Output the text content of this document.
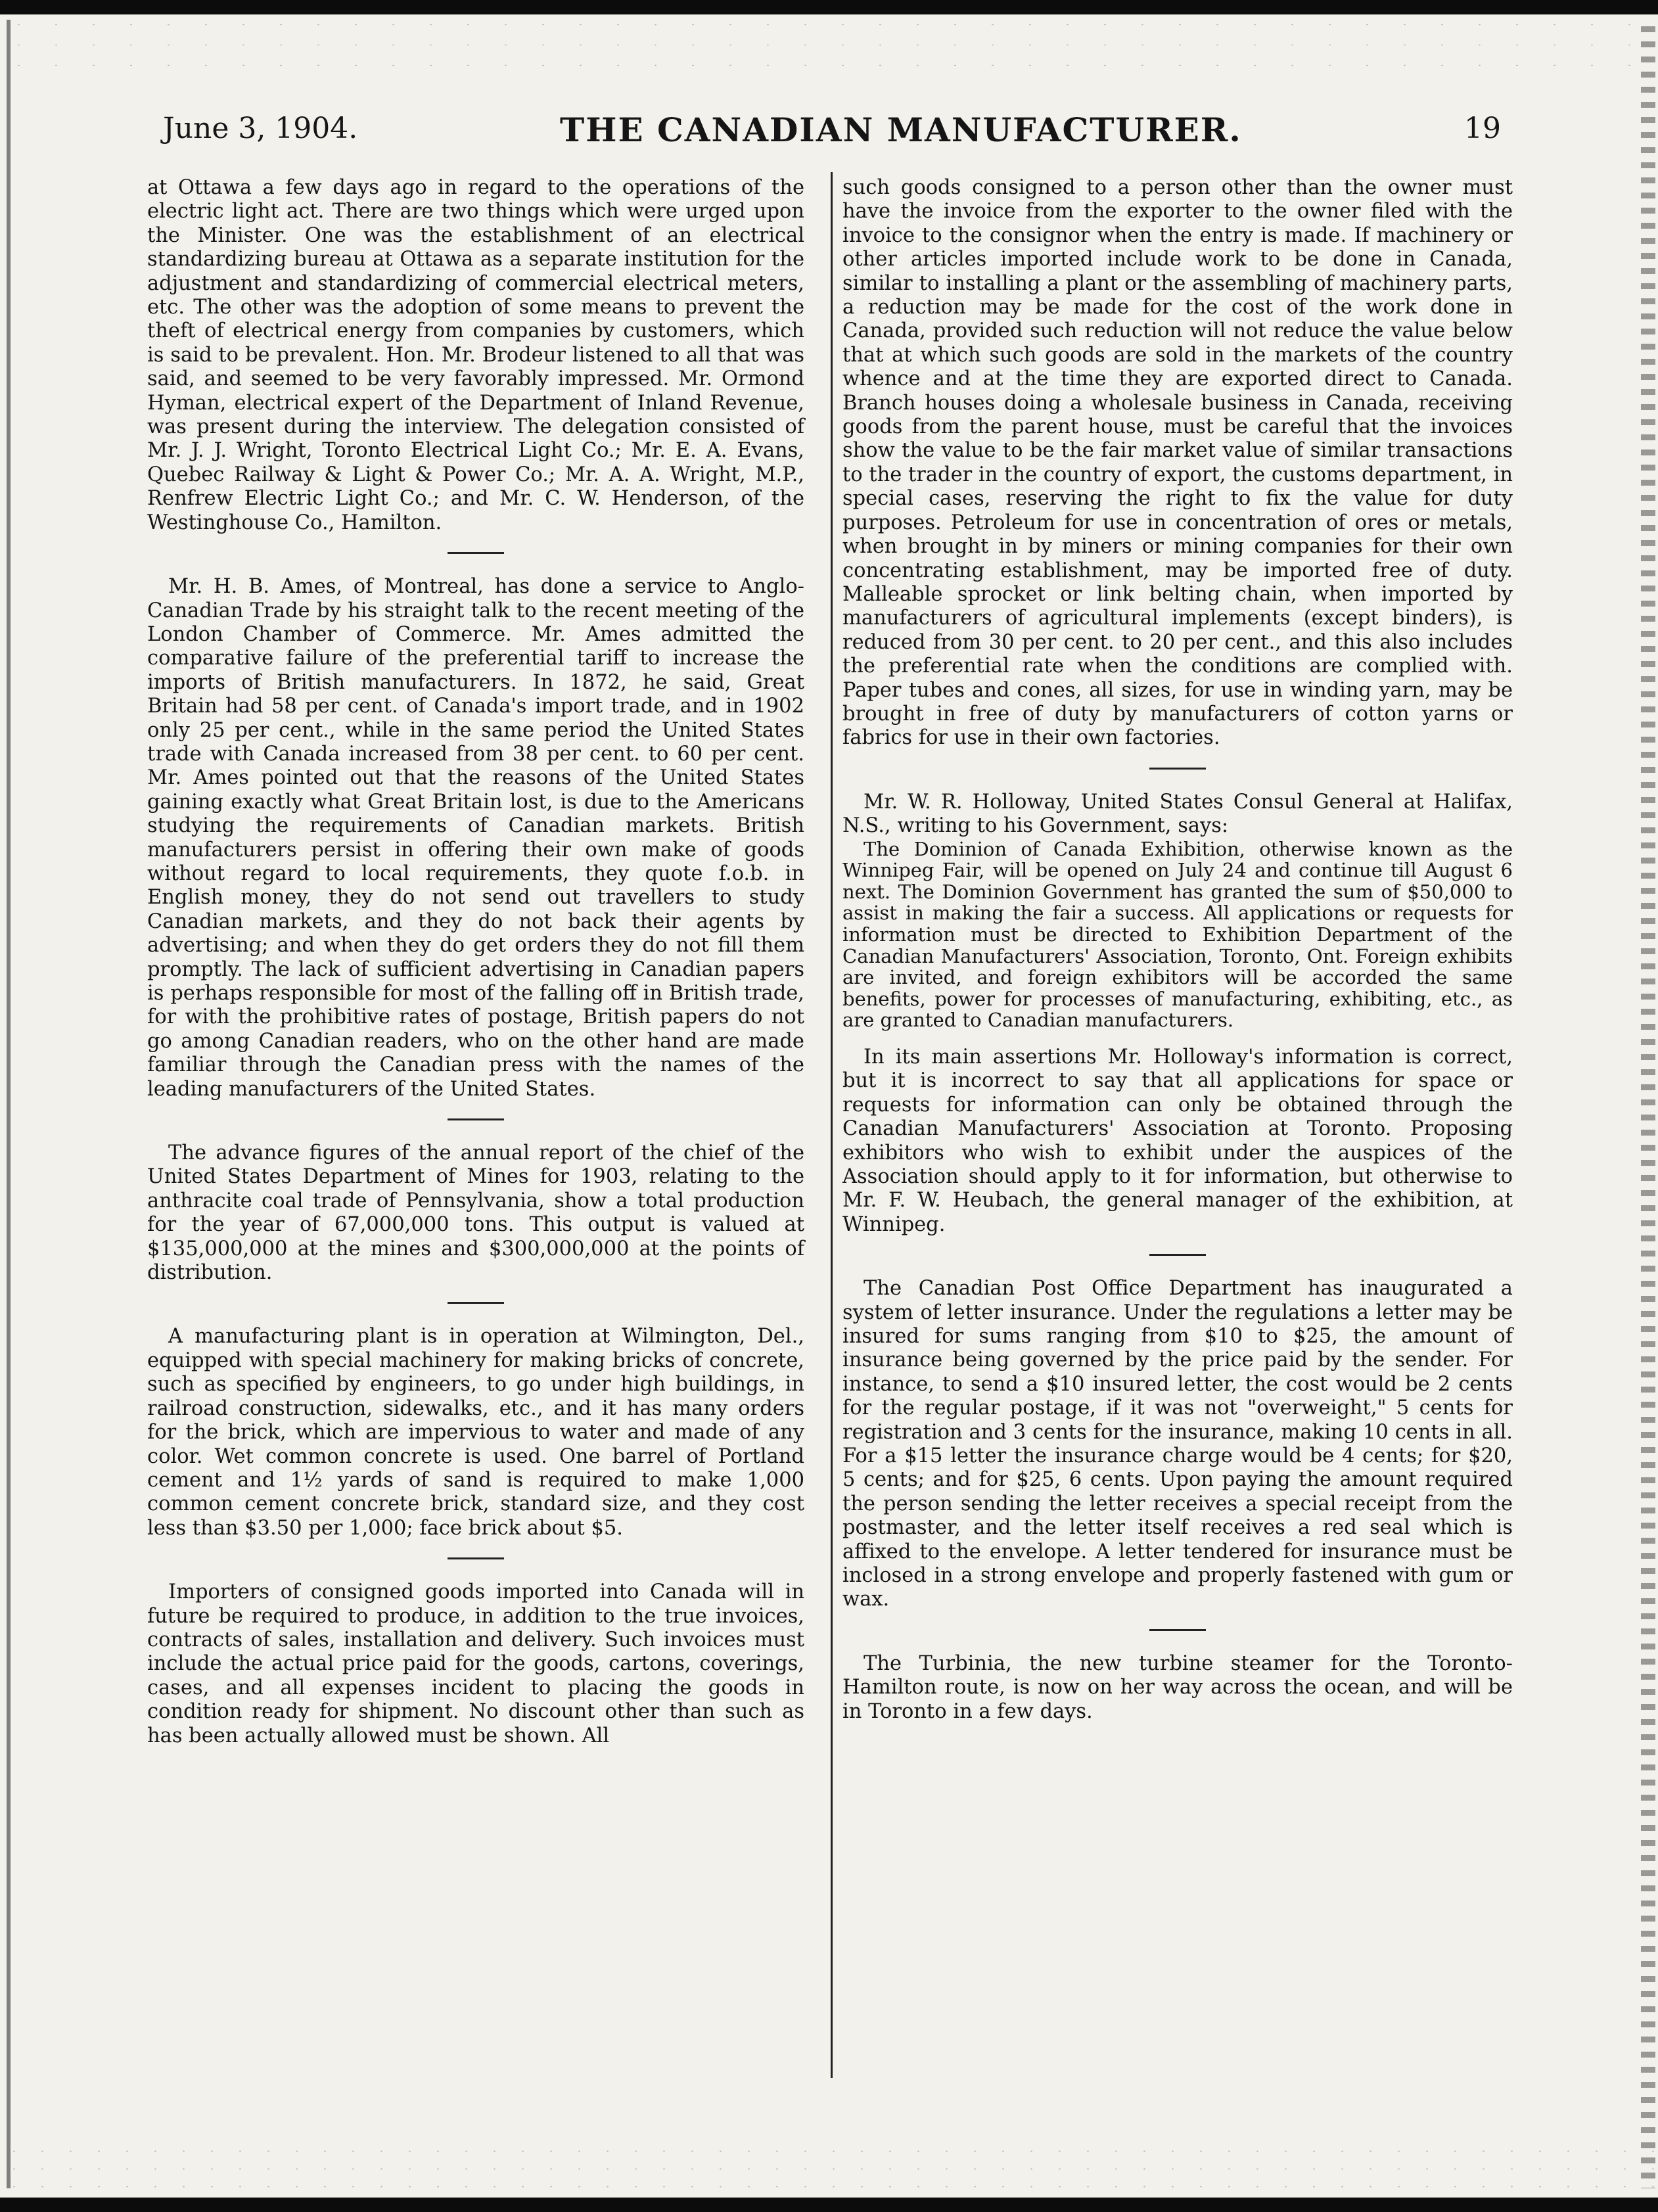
June 3, 1904.	THE CANADIAN MANUFACTURER.	19

at Ottawa a few days ago in regard to the operations of the electric light act. There are two things which were urged upon the Minister. One was the establishment of an electrical standardizing bureau at Ottawa as a separate institution for the adjustment and standardizing of commercial electrical meters, etc. The other was the adoption of some means to prevent the theft of electrical energy from companies by customers, which is said to be prevalent. Hon. Mr. Brodeur listened to all that was said, and seemed to be very favorably impressed. Mr. Ormond Hyman, electrical expert of the Department of Inland Revenue, was present during the interview. The delegation consisted of Mr. J. J. Wright, Toronto Electrical Light Co.; Mr. E. A. Evans, Quebec Railway & Light & Power Co.; Mr. A. A. Wright, M.P., Renfrew Electric Light Co.; and Mr. C. W. Henderson, of the Westinghouse Co., Hamilton.

Mr. H. B. Ames, of Montreal, has done a service to Anglo-Canadian Trade by his straight talk to the recent meeting of the London Chamber of Commerce. Mr. Ames admitted the comparative failure of the preferential tariff to increase the imports of British manufacturers. In 1872, he said, Great Britain had 58 per cent. of Canada's import trade, and in 1902 only 25 per cent., while in the same period the United States trade with Canada increased from 38 per cent. to 60 per cent. Mr. Ames pointed out that the reasons of the United States gaining exactly what Great Britain lost, is due to the Americans studying the requirements of Canadian markets. British manufacturers persist in offering their own make of goods without regard to local requirements, they quote f.o.b. in English money, they do not send out travellers to study Canadian markets, and they do not back their agents by advertising; and when they do get orders they do not fill them promptly. The lack of sufficient advertising in Canadian papers is perhaps responsible for most of the falling off in British trade, for with the prohibitive rates of postage, British papers do not go among Canadian readers, who on the other hand are made familiar through the Canadian press with the names of the leading manufacturers of the United States.

The advance figures of the annual report of the chief of the United States Department of Mines for 1903, relating to the anthracite coal trade of Pennsylvania, show a total production for the year of 67,000,000 tons. This output is valued at $135,000,000 at the mines and $300,000,000 at the points of distribution.

A manufacturing plant is in operation at Wilmington, Del., equipped with special machinery for making bricks of concrete, such as specified by engineers, to go under high buildings, in railroad construction, sidewalks, etc., and it has many orders for the brick, which are impervious to water and made of any color. Wet common concrete is used. One barrel of Portland cement and 1½ yards of sand is required to make 1,000 common cement concrete brick, standard size, and they cost less than $3.50 per 1,000; face brick about $5.

Importers of consigned goods imported into Canada will in future be required to produce, in addition to the true invoices, contracts of sales, installation and delivery. Such invoices must include the actual price paid for the goods, cartons, coverings, cases, and all expenses incident to placing the goods in condition ready for shipment. No discount other than such as has been actually allowed must be shown. All

such goods consigned to a person other than the owner must have the invoice from the exporter to the owner filed with the invoice to the consignor when the entry is made. If machinery or other articles imported include work to be done in Canada, similar to installing a plant or the assembling of machinery parts, a reduction may be made for the cost of the work done in Canada, provided such reduction will not reduce the value below that at which such goods are sold in the markets of the country whence and at the time they are exported direct to Canada. Branch houses doing a wholesale business in Canada, receiving goods from the parent house, must be careful that the invoices show the value to be the fair market value of similar transactions to the trader in the country of export, the customs department, in special cases, reserving the right to fix the value for duty purposes. Petroleum for use in concentration of ores or metals, when brought in by miners or mining companies for their own concentrating establishment, may be imported free of duty. Malleable sprocket or link belting chain, when imported by manufacturers of agricultural implements (except binders), is reduced from 30 per cent. to 20 per cent., and this also includes the preferential rate when the conditions are complied with. Paper tubes and cones, all sizes, for use in winding yarn, may be brought in free of duty by manufacturers of cotton yarns or fabrics for use in their own factories.

Mr. W. R. Holloway, United States Consul General at Halifax, N.S., writing to his Government, says:

The Dominion of Canada Exhibition, otherwise known as the Winnipeg Fair, will be opened on July 24 and continue till August 6 next. The Dominion Government has granted the sum of $50,000 to assist in making the fair a success. All applications or requests for information must be directed to Exhibition Department of the Canadian Manufacturers' Association, Toronto, Ont. Foreign exhibits are invited, and foreign exhibitors will be accorded the same benefits, power for processes of manufacturing, exhibiting, etc., as are granted to Canadian manufacturers.

In its main assertions Mr. Holloway's information is correct, but it is incorrect to say that all applications for space or requests for information can only be obtained through the Canadian Manufacturers' Association at Toronto. Proposing exhibitors who wish to exhibit under the auspices of the Association should apply to it for information, but otherwise to Mr. F. W. Heubach, the general manager of the exhibition, at Winnipeg.

The Canadian Post Office Department has inaugurated a system of letter insurance. Under the regulations a letter may be insured for sums ranging from $10 to $25, the amount of insurance being governed by the price paid by the sender. For instance, to send a $10 insured letter, the cost would be 2 cents for the regular postage, if it was not "overweight," 5 cents for registration and 3 cents for the insurance, making 10 cents in all. For a $15 letter the insurance charge would be 4 cents; for $20, 5 cents; and for $25, 6 cents. Upon paying the amount required the person sending the letter receives a special receipt from the postmaster, and the letter itself receives a red seal which is affixed to the envelope. A letter tendered for insurance must be inclosed in a strong envelope and properly fastened with gum or wax.

The Turbinia, the new turbine steamer for the Toronto-Hamilton route, is now on her way across the ocean, and will be in Toronto in a few days.
